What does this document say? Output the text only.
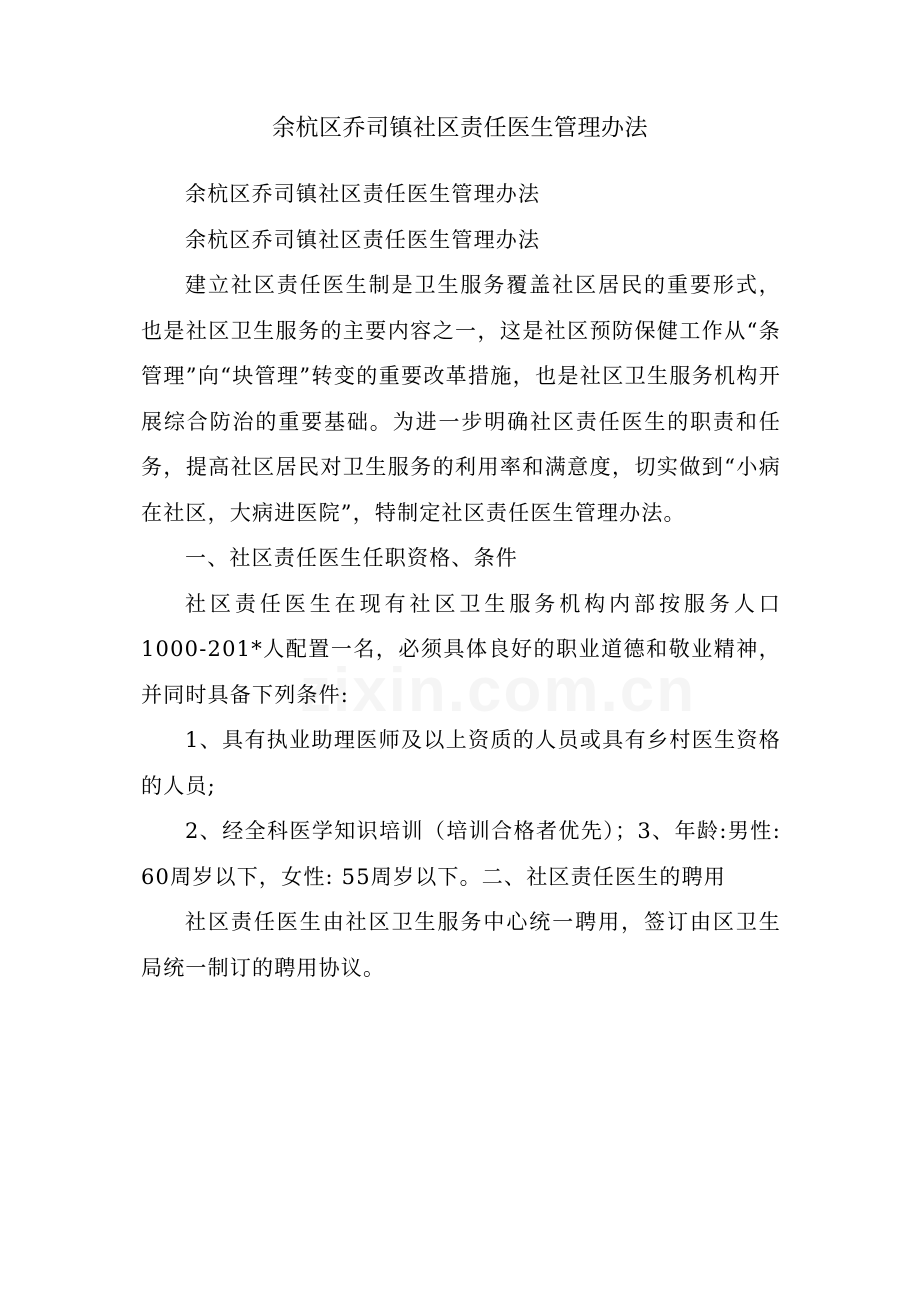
余杭区乔司镇社区责任医生管理办法

余杭区乔司镇社区责任医生管理办法

余杭区乔司镇社区责任医生管理办法

建立社区责任医生制是卫生服务覆盖社区居民的重要形式，也是社区卫生服务的主要内容之一，这是社区预防保健工作从“条管理”向“块管理”转变的重要改革措施，也是社区卫生服务机构开展综合防治的重要基础。为进一步明确社区责任医生的职责和任务，提高社区居民对卫生服务的利用率和满意度，切实做到“小病在社区，大病进医院”，特制定社区责任医生管理办法。

一、社区责任医生任职资格、条件

社区责任医生在现有社区卫生服务机构内部按服务人口1000-201*人配置一名，必须具体良好的职业道德和敬业精神，并同时具备下列条件:

1、具有执业助理医师及以上资质的人员或具有乡村医生资格的人员;

2、经全科医学知识培训（培训合格者优先）；3、年龄:男性: 60周岁以下，女性: 55周岁以下。二、社区责任医生的聘用

社区责任医生由社区卫生服务中心统一聘用，签订由区卫生局统一制订的聘用协议。
